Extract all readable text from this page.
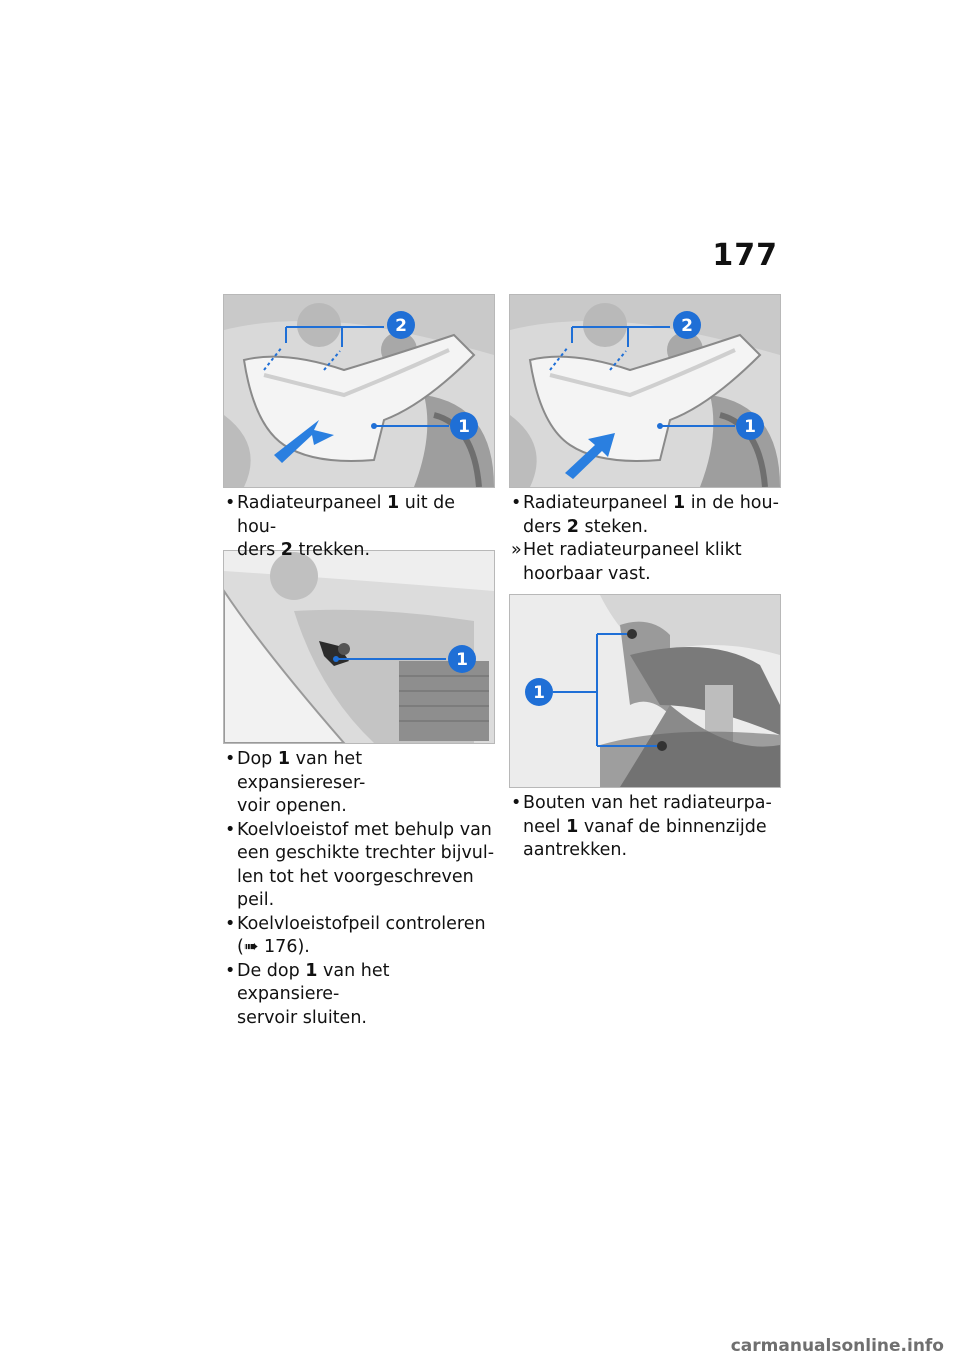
177
2
1
1
2
1
1
• Radiateurpaneel 1 uit de hou-
ders 2 trekken.
• Dop 1 van het expansiereser-
voir openen.
• Koelvloeistof met behulp van
een geschikte trechter bijvul-
len tot het voorgeschreven
peil.
• Koelvloeistofpeil controleren
(➠ 176).
• De dop 1 van het expansiere-
servoir sluiten.
• Radiateurpaneel 1 in de hou-
ders 2 steken.
» Het radiateurpaneel klikt
hoorbaar vast.
• Bouten van het radiateurpa-
neel 1 vanaf de binnenzijde
aantrekken.
carmanualsonline.info
